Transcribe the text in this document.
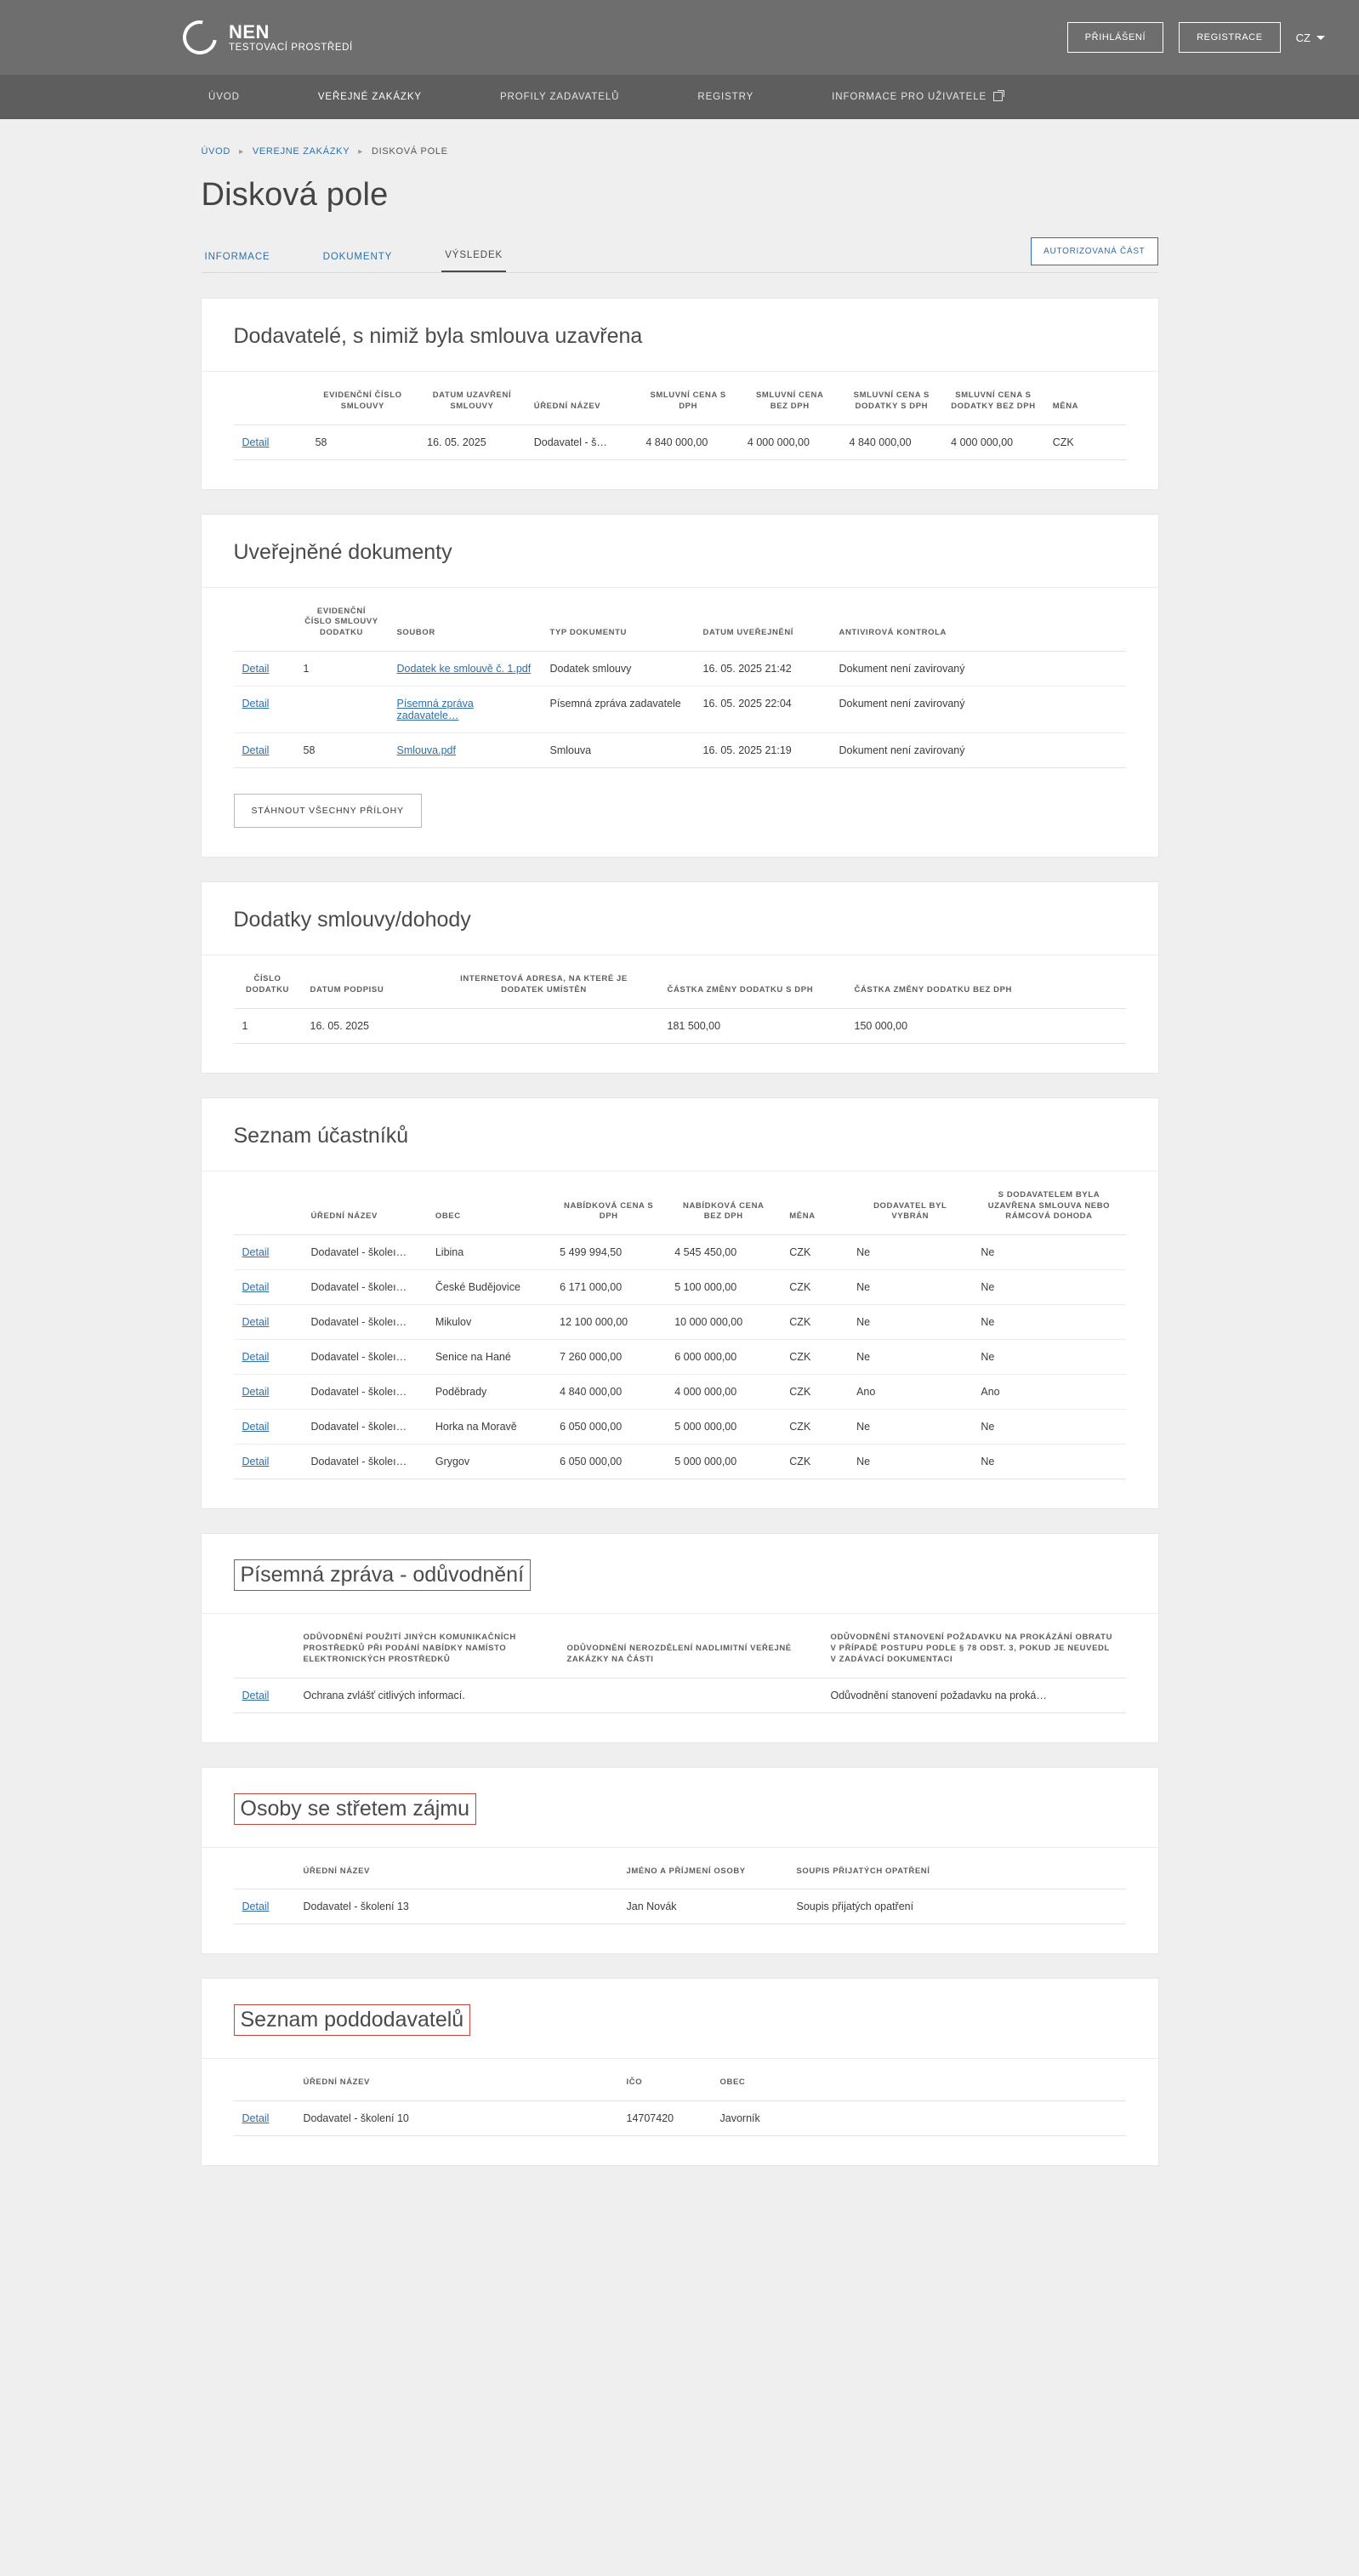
NEN
TESTOVACÍ PROSTŘEDÍ
PŘIHLÁŠENÍ	REGISTRACE	CZ
ÚVOD	VEŘEJNÉ ZAKÁZKY	PROFILY ZADAVATELŮ	REGISTRY	INFORMACE PRO UŽIVATELE
ÚVOD ▸ VEREJNE ZAKÁZKY ▸ DISKOVÁ POLE
Disková pole
INFORMACE	DOKUMENTY	VÝSLEDEK	AUTORIZOVANÁ ČÁST
Dodavatelé, s nimiž byla smlouva uzavřena
	EVIDENČNÍ ČÍSLO SMLOUVY	DATUM UZAVŘENÍ SMLOUVY	ÚŘEDNÍ NÁZEV	SMLUVNÍ CENA S DPH	SMLUVNÍ CENA BEZ DPH	SMLUVNÍ CENA S DODATKY S DPH	SMLUVNÍ CENA S DODATKY BEZ DPH	MĚNA
Detail	58	16. 05. 2025	Dodavatel - š…	4 840 000,00	4 000 000,00	4 840 000,00	4 000 000,00	CZK
Uveřejněné dokumenty
	EVIDENČNÍ ČÍSLO SMLOUVY DODATKU	SOUBOR	TYP DOKUMENTU	DATUM UVEŘEJNĚNÍ	ANTIVIROVÁ KONTROLA
Detail	1	Dodatek ke smlouvě č. 1.pdf	Dodatek smlouvy	16. 05. 2025 21:42	Dokument není zavirovaný
Detail		Písemná zpráva zadavatele…	Písemná zpráva zadavatele	16. 05. 2025 22:04	Dokument není zavirovaný
Detail	58	Smlouva.pdf	Smlouva	16. 05. 2025 21:19	Dokument není zavirovaný
STÁHNOUT VŠECHNY PŘÍLOHY
Dodatky smlouvy/dohody
ČÍSLO DODATKU	DATUM PODPISU	INTERNETOVÁ ADRESA, NA KTERÉ JE DODATEK UMÍSTĚN	ČÁSTKA ZMĚNY DODATKU S DPH	ČÁSTKA ZMĚNY DODATKU BEZ DPH
1	16. 05. 2025		181 500,00	150 000,00
Seznam účastníků
	ÚŘEDNÍ NÁZEV	OBEC	NABÍDKOVÁ CENA S DPH	NABÍDKOVÁ CENA BEZ DPH	MĚNA	DODAVATEL BYL VYBRÁN	S DODAVATELEM BYLA UZAVŘENA SMLOUVA NEBO RÁMCOVÁ DOHODA
Detail	Dodavatel - školeı…	Libina	5 499 994,50	4 545 450,00	CZK	Ne	Ne
Detail	Dodavatel - školeı…	České Budějovice	6 171 000,00	5 100 000,00	CZK	Ne	Ne
Detail	Dodavatel - školeı…	Mikulov	12 100 000,00	10 000 000,00	CZK	Ne	Ne
Detail	Dodavatel - školeı…	Senice na Hané	7 260 000,00	6 000 000,00	CZK	Ne	Ne
Detail	Dodavatel - školeı…	Poděbrady	4 840 000,00	4 000 000,00	CZK	Ano	Ano
Detail	Dodavatel - školeı…	Horka na Moravě	6 050 000,00	5 000 000,00	CZK	Ne	Ne
Detail	Dodavatel - školeı…	Grygov	6 050 000,00	5 000 000,00	CZK	Ne	Ne
Písemná zpráva - odůvodnění
	ODŮVODNĚNÍ POUŽITÍ JINÝCH KOMUNIKAČNÍCH PROSTŘEDKŮ PŘI PODÁNÍ NABÍDKY NAMÍSTO ELEKTRONICKÝCH PROSTŘEDKŮ	ODŮVODNĚNÍ NEROZDĚLENÍ NADLIMITNÍ VEŘEJNÉ ZAKÁZKY NA ČÁSTI	ODŮVODNĚNÍ STANOVENÍ POŽADAVKU NA PROKÁZÁNÍ OBRATU V PŘÍPADĚ POSTUPU PODLE § 78 ODST. 3, POKUD JE NEUVEDL V ZADÁVACÍ DOKUMENTACI
Detail	Ochrana zvlášť citlivých informací.		Odůvodnění stanovení požadavku na proká…
Osoby se střetem zájmu
	ÚŘEDNÍ NÁZEV	JMÉNO A PŘÍJMENÍ OSOBY	SOUPIS PŘIJATÝCH OPATŘENÍ
Detail	Dodavatel - školení 13	Jan Novák	Soupis přijatých opatření
Seznam poddodavatelů
	ÚŘEDNÍ NÁZEV	IČO	OBEC
Detail	Dodavatel - školení 10	14707420	Javorník
